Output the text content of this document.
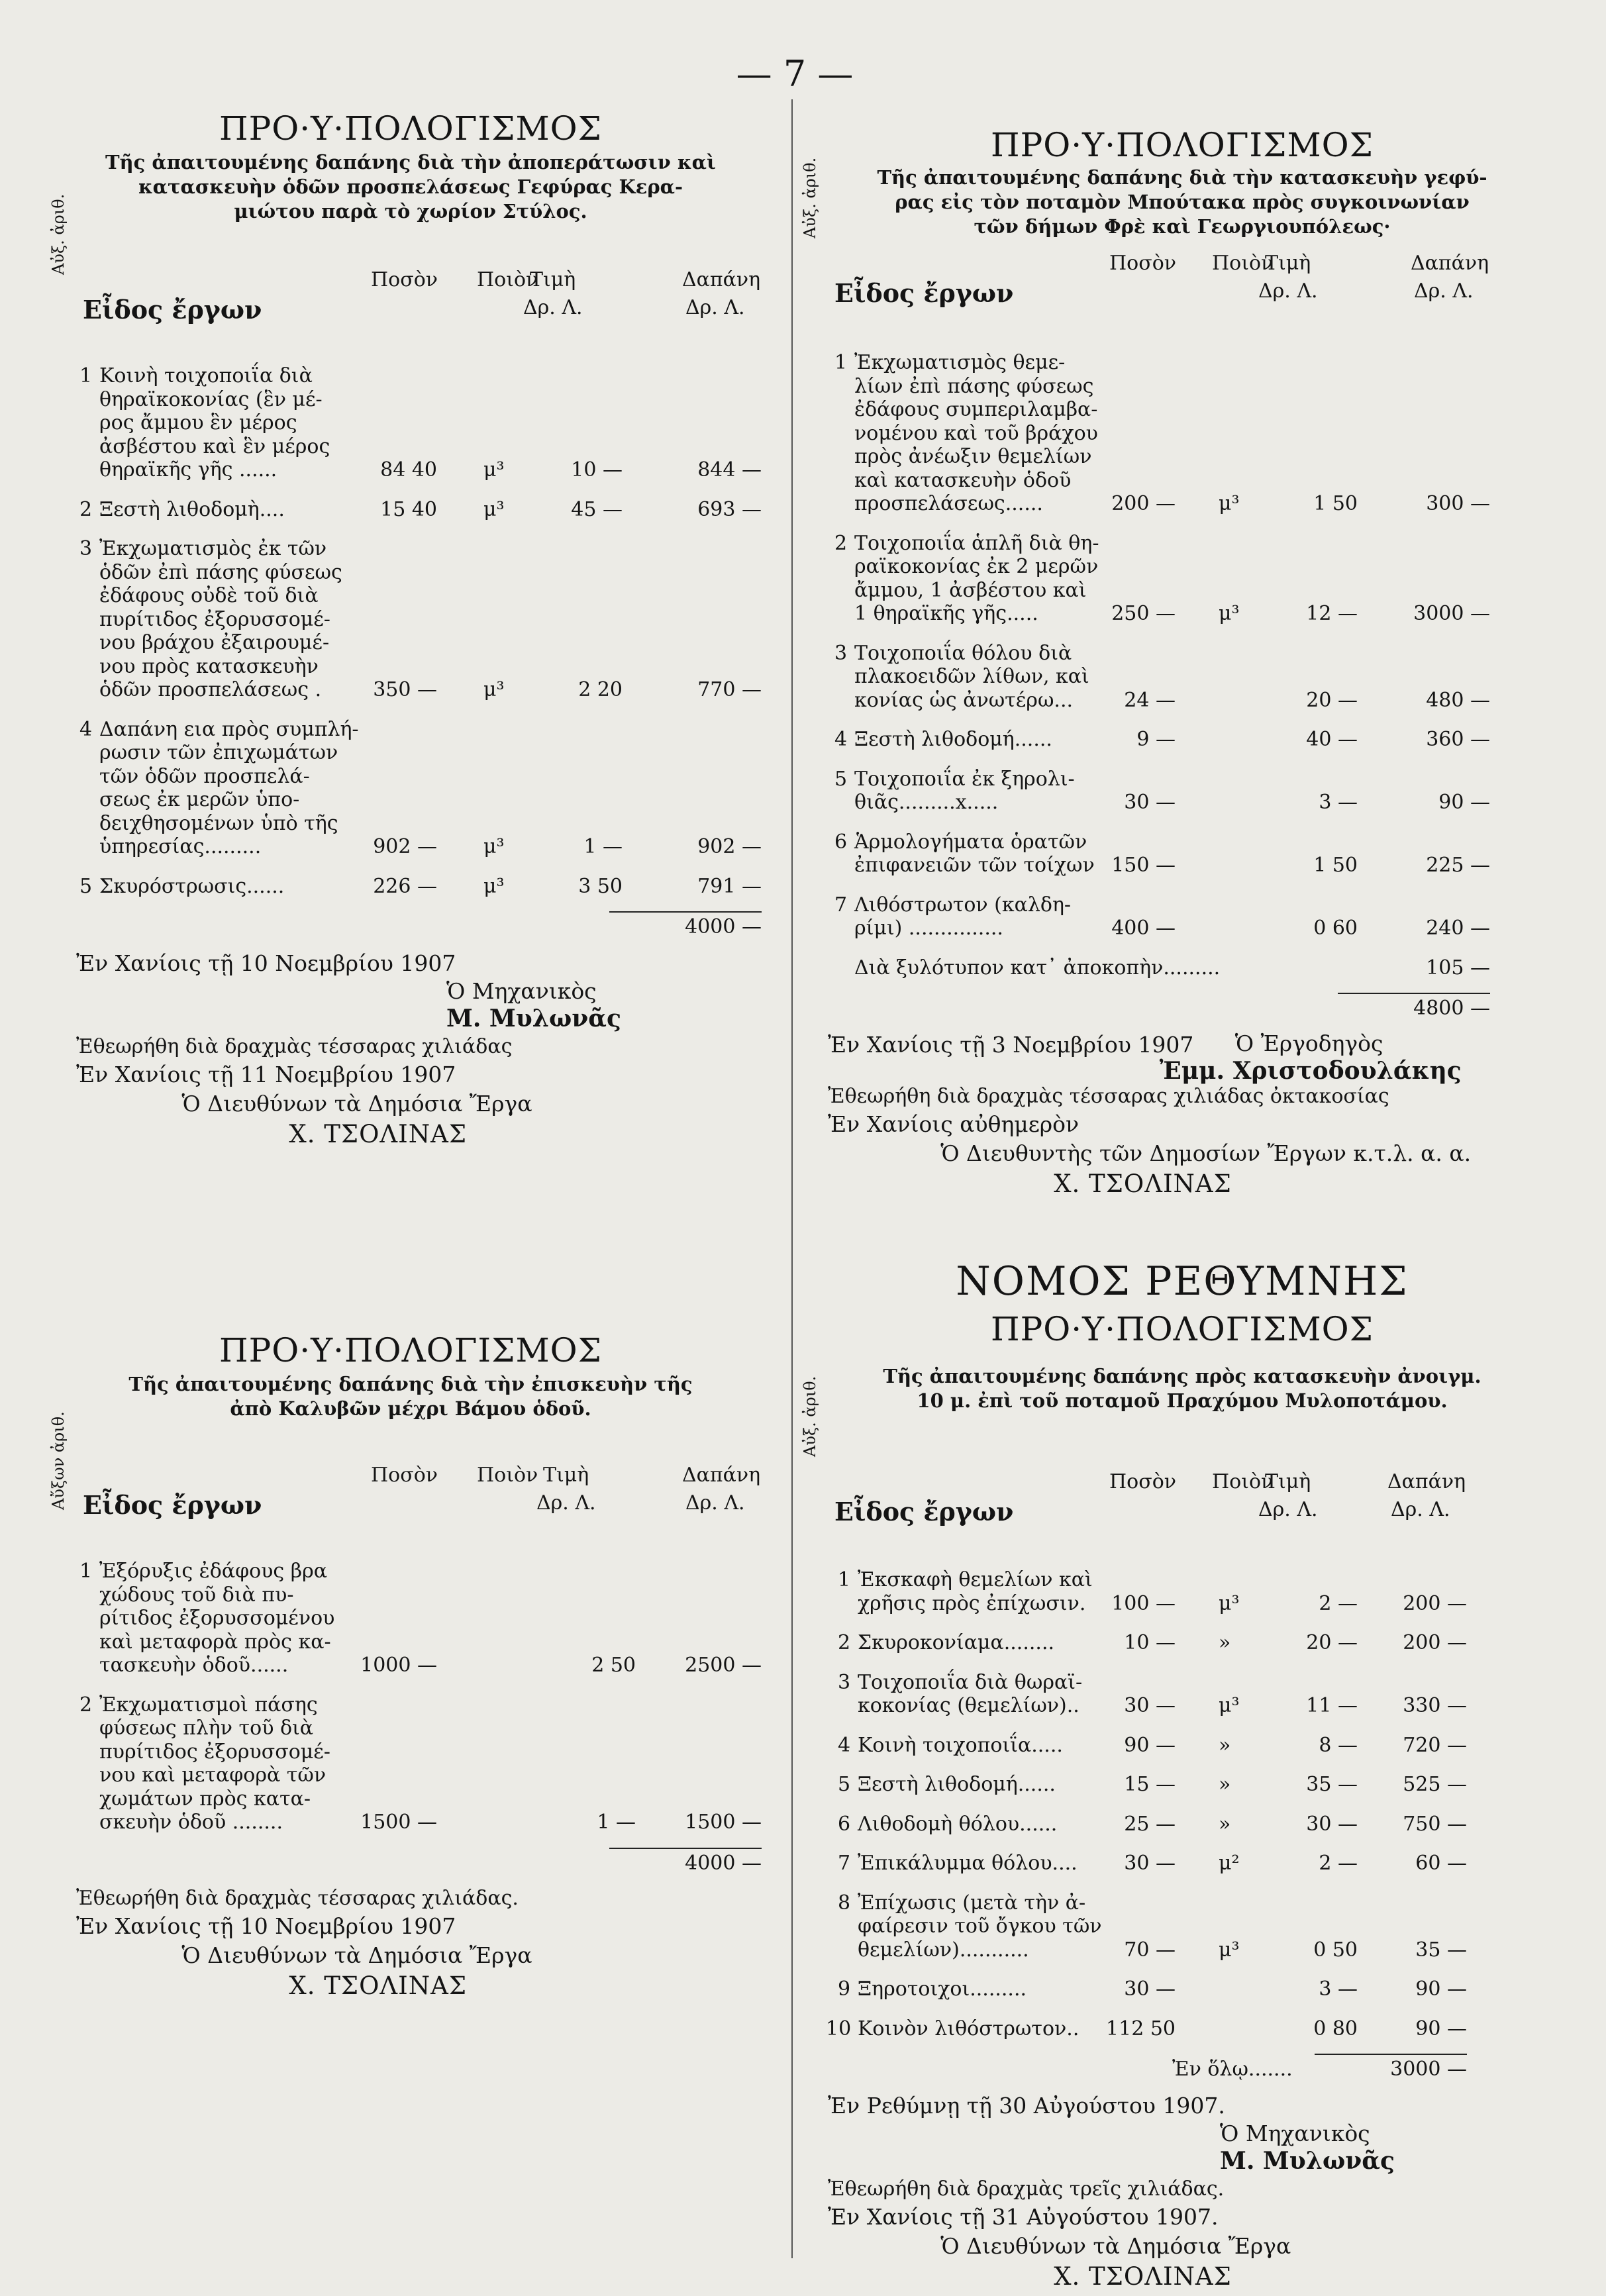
— 7 —
ΠΡΟ·Υ·ΠΟΛΟΓΙΣΜΟΣ
Τῆς ἀπαιτουμένης δαπάνης διὰ τὴν ἀποπεράτωσιν καὶ
κατασκευὴν ὁδῶν προσπελάσεως Γεφύρας Κερα-
μιώτου παρὰ τὸ χωρίον Στύλος.
Αὐξ. ἀριθ.
Εἶδος ἔργων
Ποσὸν Ποιὸν
Τιμὴ	Δαπάνη
Δρ. Λ.	Δρ. Λ.
1 Κοινὴ τοιχοποιΐα διὰ
θηραϊκοκονίας (ἓν μέ-
ρος ἄμμου ἓν μέρος
ἀσβέστου καὶ ἓν μέρος
θηραϊκῆς γῆς ......	84 40 μ³	10 —	844 —
2 Ξεστὴ λιθοδομὴ....	15 40 μ³	45 —	693 —
3 Ἐκχωματισμὸς ἐκ τῶν
ὁδῶν ἐπὶ πάσης φύσεως
ἐδάφους οὐδὲ τοῦ διὰ
πυρίτιδος ἐξορυσσομέ-
νου βράχου ἐξαιρουμέ-
νου πρὸς κατασκευὴν
ὁδῶν προσπελάσεως .	350 — μ³	2 20	770 —
4 Δαπάνη εια πρὸς συμπλή-
ρωσιν τῶν ἐπιχωμάτων
τῶν ὁδῶν προσπελά-
σεως ἐκ μερῶν ὑπο-
δειχθησομένων ὑπὸ τῆς
ὑπηρεσίας.........	902 — μ³	1 —	902 —
5 Σκυρόστρωσις......	226 — μ³	3 50	791 —
4000 —
Ἐν Χανίοις τῇ 10 Νοεμβρίου 1907
Ὁ Μηχανικὸς
Μ. Μυλωνᾶς
Ἐθεωρήθη διὰ δραχμὰς τέσσαρας χιλιάδας
Ἐν Χανίοις τῇ 11 Νοεμβρίου 1907
Ὁ Διευθύνων τὰ Δημόσια Ἔργα
Χ. ΤΣΟΛΙΝΑΣ
ΠΡΟ·Υ·ΠΟΛΟΓΙΣΜΟΣ
Τῆς ἀπαιτουμένης δαπάνης διὰ τὴν ἐπισκευὴν τῆς
ἀπὸ Καλυβῶν μέχρι Βάμου ὁδοῦ.
Αὔξων ἀριθ. Εἶδος ἔργων
Ποσὸν Ποιὸν Τιμὴ	Δαπάνη
Δρ. Λ.	Δρ. Λ.
1 Ἐξόρυξις ἐδάφους βρα
χώδους τοῦ διὰ πυ-
ρίτιδος ἐξορυσσομένου
καὶ μεταφορὰ πρὸς κα-
τασκευὴν ὁδοῦ......	1000 —	2 50	2500 —
2 Ἐκχωματισμοὶ πάσης
φύσεως πλὴν τοῦ διὰ
πυρίτιδος ἐξορυσσομέ-
νου καὶ μεταφορὰ τῶν
χωμάτων πρὸς κατα-
σκευὴν ὁδοῦ ........	1500 —	1 —	1500 —
4000 —
Ἐθεωρήθη διὰ δραχμὰς τέσσαρας χιλιάδας.
Ἐν Χανίοις τῇ 10 Νοεμβρίου 1907
Ὁ Διευθύνων τὰ Δημόσια Ἔργα
Χ. ΤΣΟΛΙΝΑΣ
ΠΡΟ·Υ·ΠΟΛΟΓΙΣΜΟΣ
Τῆς ἀπαιτουμένης δαπάνης διὰ τὴν κατασκευὴν γεφύ-
ρας εἰς τὸν ποταμὸν Μπούτακα πρὸς συγκοινωνίαν
τῶν δήμων Φρὲ καὶ Γεωργιουπόλεως·
Αὐξ. ἀριθ.
Εἶδος ἔργων
Ποσὸν Ποιὸν
Τιμὴ	Δαπάνη
Δρ. Λ.	Δρ. Λ.
1 Ἐκχωματισμὸς θεμε-
λίων ἐπὶ πάσης φύσεως
ἐδάφους συμπεριλαμβα-
νομένου καὶ τοῦ βράχου
πρὸς ἀνέωξιν θεμελίων
καὶ κατασκευὴν ὁδοῦ
προσπελάσεως......	200 — μ³	1 50	300 —
2 Τοιχοποιΐα ἁπλῆ διὰ θη-
ραϊκοκονίας ἐκ 2 μερῶν
ἄμμου, 1 ἀσβέστου καὶ
1 θηραϊκῆς γῆς.....	250 — μ³	12 —	3000 —
3 Τοιχοποιΐα θόλου διὰ
πλακοειδῶν λίθων, καὶ
κονίας ὡς ἀνωτέρω...	24 —	20 —	480 —
4 Ξεστὴ λιθοδομή......	9 —	40 —	360 —
5 Τοιχοποιΐα ἐκ ξηρολι-
θιᾶς.........x.....	30 —	3 —	90 —
6 Ἁρμολογήματα ὁρατῶν
ἐπιφανειῶν τῶν τοίχων 150 —	1 50	225 —
7 Λιθόστρωτον (καλδη-
ρίμι) ...............	400 —	0 60	240 —
Διὰ ξυλότυπον κατ᾽ ἀποκοπὴν.........	105 —
4800 —
Ἐν Χανίοις τῇ 3 Νοεμβρίου 1907 Ὁ Ἐργοδηγὸς
Ἐμμ. Χριστοδουλάκης
Ἐθεωρήθη διὰ δραχμὰς τέσσαρας χιλιάδας ὀκτακοσίας
Ἐν Χανίοις αὐθημερὸν
Ὁ Διευθυντὴς τῶν Δημοσίων Ἔργων κ.τ.λ. α. α.
Χ. ΤΣΟΛΙΝΑΣ
ΝΟΜΟΣ ΡΕΘΥΜΝΗΣ
ΠΡΟ·Υ·ΠΟΛΟΓΙΣΜΟΣ
Τῆς ἀπαιτουμένης δαπάνης πρὸς κατασκευὴν ἀνοιγμ.
10 μ. ἐπὶ τοῦ ποταμοῦ Πραχύμου Μυλοποτάμου.
Αὐξ. ἀριθ.
Εἶδος ἔργων
Ποσὸν Ποιὸν
Τιμὴ	Δαπάνη
Δρ. Λ.	Δρ. Λ.
1 Ἐκσκαφὴ θεμελίων καὶ
χρῆσις πρὸς ἐπίχωσιν.	100 — μ³	2 —	200 —
2 Σκυροκονίαμα........	10 — »	20 —	200 —
3 Τοιχοποιΐα διὰ θωραϊ-
κοκονίας (θεμελίων)..	30 — μ³	11 —	330 —
4 Κοινὴ τοιχοποιΐα.....	90 — »	8 —	720 —
5 Ξεστὴ λιθοδομή......	15 — »	35 —	525 —
6 Λιθοδομὴ θόλου......	25 — »	30 —	750 —
7 Ἐπικάλυμμα θόλου....	30 — μ²	2 —	60 —
8 Ἐπίχωσις (μετὰ τὴν ἀ-
φαίρεσιν τοῦ ὄγκου τῶν
θεμελίων)...........	70 — μ³	0 50	35 —
9 Ξηροτοιχοι.........	30 —	3 —	90 —
10 Κοινὸν λιθόστρωτον..	112 50	0 80	90 —
Ἐν ὅλῳ.......	3000 —
Ἐν Ρεθύμνῃ τῇ 30 Αὐγούστου 1907.
Ὁ Μηχανικὸς
Μ. Μυλωνᾶς
Ἐθεωρήθη διὰ δραχμὰς τρεῖς χιλιάδας.
Ἐν Χανίοις τῇ 31 Αὐγούστου 1907.
Ὁ Διευθύνων τὰ Δημόσια Ἔργα
Χ. ΤΣΟΛΙΝΑΣ
